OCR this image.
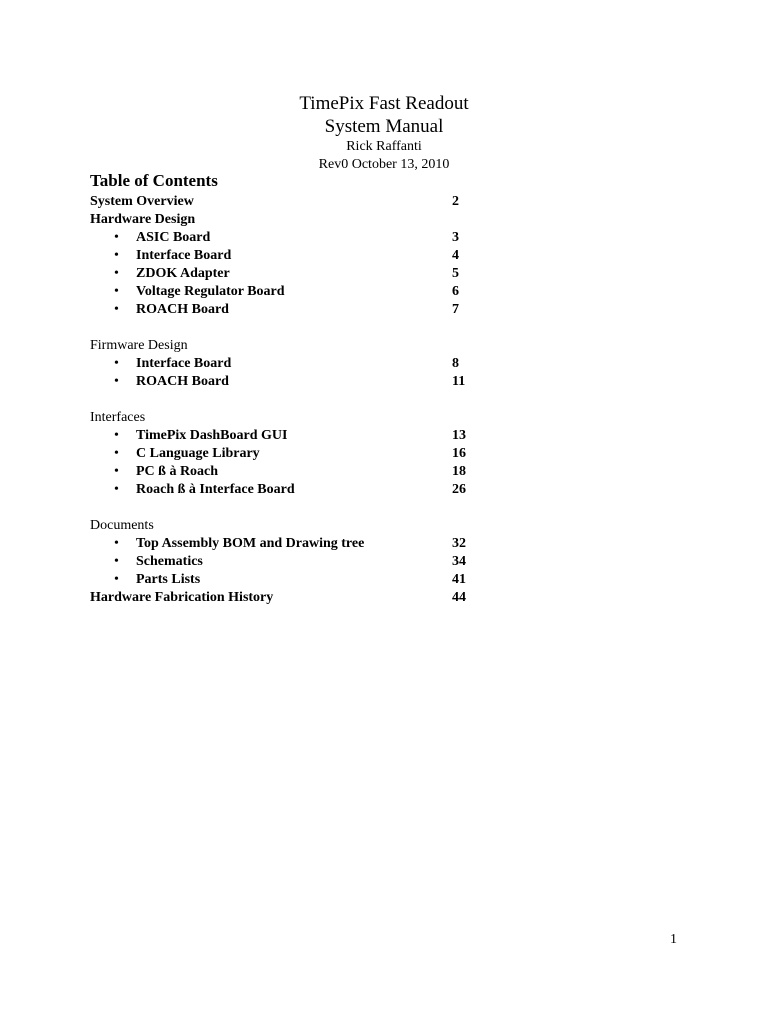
TimePix Fast Readout
System Manual
Rick Raffanti
Rev0 October 13, 2010
Table of Contents
System Overview	2
Hardware Design
• ASIC Board	3
• Interface Board	4
• ZDOK Adapter	5
• Voltage Regulator Board	6
• ROACH Board	7
Firmware Design
• Interface Board	8
• ROACH Board	11
Interfaces
• TimePix DashBoard GUI	13
• C Language Library	16
• PC ß à Roach	18
• Roach ß à Interface Board	26
Documents
• Top Assembly BOM and Drawing tree	32
• Schematics	34
• Parts Lists	41
Hardware Fabrication History	44
1
